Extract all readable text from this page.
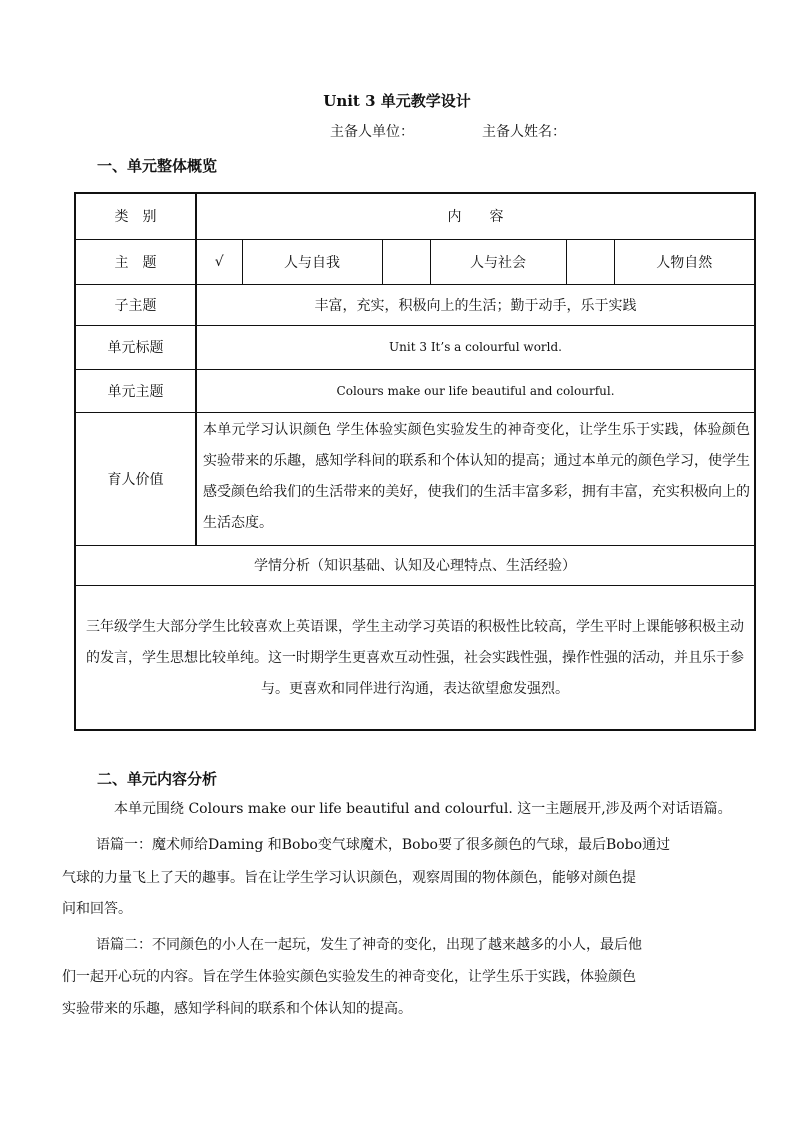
Unit 3 单元教学设计
主备人单位：	主备人姓名：
一、单元整体概览
类　别	内　　容					
主　题	√	人与自我		人与社会		人物自然
子主题	丰富，充实，积极向上的生活；勤于动手，乐于实践					
单元标题	Unit 3 It’s a colourful world.					
单元主题	Colours make our life beautiful and colourful.					
育人价值	本单元学习认识颜色 学生体验实颜色实验发生的神奇变化，让学生乐于实践，体验颜色实验带来的乐趣，感知学科间的联系和个体认知的提高；通过本单元的颜色学习，使学生感受颜色给我们的生活带来的美好，使我们的生活丰富多彩，拥有丰富，充实积极向上的生活态度。					
学情分析（知识基础、认知及心理特点、生活经验）						
三年级学生大部分学生比较喜欢上英语课，学生主动学习英语的积极性比较高，学生平时上课能够积极主动的发言，学生思想比较单纯。这一时期学生更喜欢互动性强，社会实践性强，操作性强的活动，并且乐于参与。更喜欢和同伴进行沟通，表达欲望愈发强烈。						
二、单元内容分析
本单元围绕 Colours make our life beautiful and colourful. 这一主题展开,涉及两个对话语篇。
语篇一：魔术师给Daming 和Bobo变气球魔术，Bobo要了很多颜色的气球，最后Bobo通过
气球的力量飞上了天的趣事。旨在让学生学习认识颜色，观察周围的物体颜色，能够对颜色提
问和回答。
语篇二：不同颜色的小人在一起玩，发生了神奇的变化，出现了越来越多的小人，最后他
们一起开心玩的内容。旨在学生体验实颜色实验发生的神奇变化，让学生乐于实践，体验颜色
实验带来的乐趣，感知学科间的联系和个体认知的提高。
